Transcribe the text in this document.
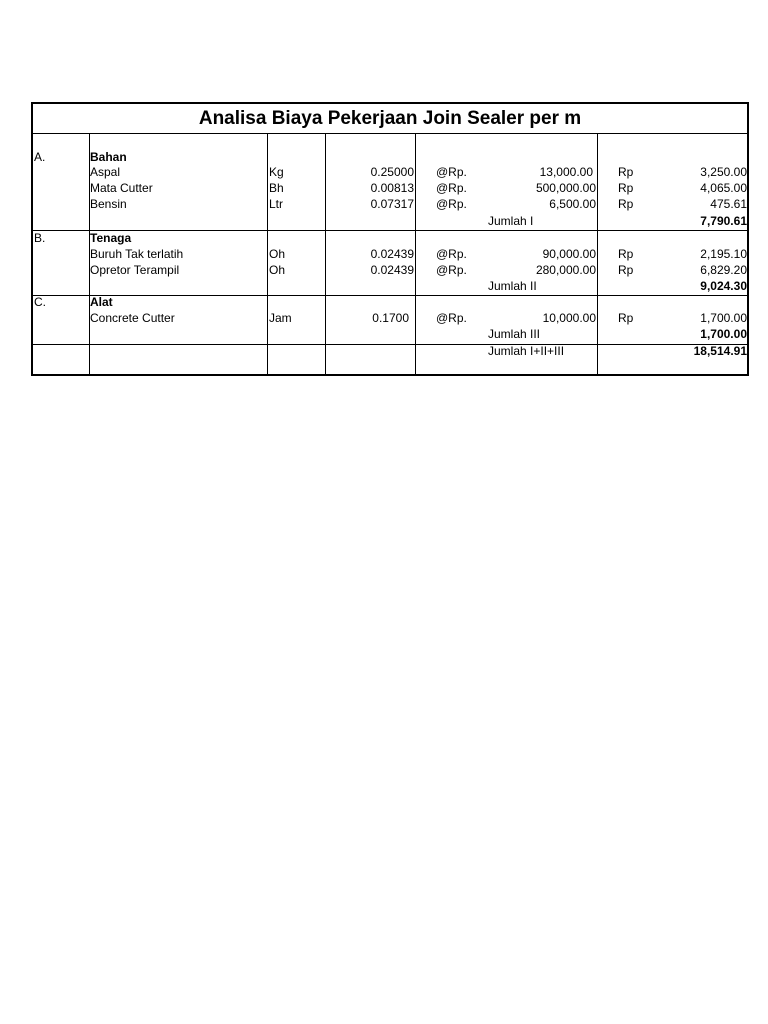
Analisa Biaya Pekerjaan Join Sealer per m
A.	Bahan
Aspal	Kg	0.25000 @Rp.	13,000.00 Rp	3,250.00
Mata Cutter	Bh	0.00813 @Rp.	500,000.00 Rp	4,065.00
Bensin	Ltr	0.07317 @Rp.	6,500.00 Rp	475.61
Jumlah I	7,790.61
B.	Tenaga
Buruh Tak terlatih	Oh	0.02439 @Rp.	90,000.00 Rp	2,195.10
Opretor Terampil	Oh	0.02439 @Rp.	280,000.00 Rp	6,829.20
Jumlah II	9,024.30
C.	Alat
Concrete Cutter	Jam	0.1700 @Rp.	10,000.00 Rp	1,700.00
Jumlah III	1,700.00
Jumlah I+II+III	18,514.91
